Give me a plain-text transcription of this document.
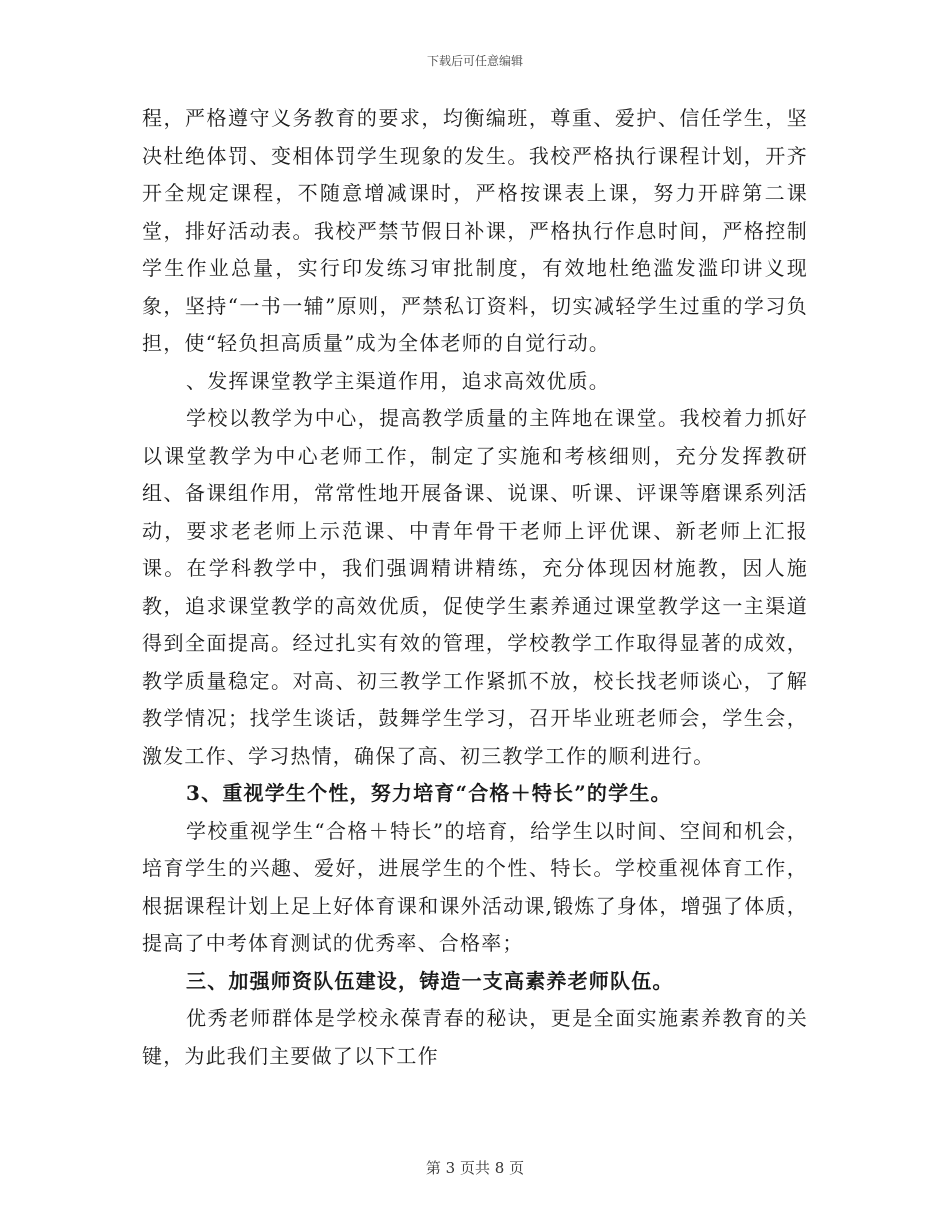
下载后可任意编辑

程，严格遵守义务教育的要求，均衡编班，尊重、爱护、信任学生，坚决杜绝体罚、变相体罚学生现象的发生。我校严格执行课程计划，开齐开全规定课程，不随意增减课时，严格按课表上课，努力开辟第二课堂，排好活动表。我校严禁节假日补课，严格执行作息时间，严格控制学生作业总量，实行印发练习审批制度，有效地杜绝滥发滥印讲义现象，坚持“一书一辅”原则，严禁私订资料，切实减轻学生过重的学习负担，使“轻负担高质量”成为全体老师的自觉行动。

、发挥课堂教学主渠道作用，追求高效优质。

学校以教学为中心，提高教学质量的主阵地在课堂。我校着力抓好以课堂教学为中心老师工作，制定了实施和考核细则，充分发挥教研组、备课组作用，常常性地开展备课、说课、听课、评课等磨课系列活动，要求老老师上示范课、中青年骨干老师上评优课、新老师上汇报课。在学科教学中，我们强调精讲精练，充分体现因材施教，因人施教，追求课堂教学的高效优质，促使学生素养通过课堂教学这一主渠道得到全面提高。经过扎实有效的管理，学校教学工作取得显著的成效，教学质量稳定。对高、初三教学工作紧抓不放，校长找老师谈心，了解教学情况；找学生谈话，鼓舞学生学习，召开毕业班老师会，学生会，激发工作、学习热情，确保了高、初三教学工作的顺利进行。

3、重视学生个性，努力培育“合格＋特长”的学生。

学校重视学生“合格＋特长”的培育，给学生以时间、空间和机会，培育学生的兴趣、爱好，进展学生的个性、特长。学校重视体育工作，根据课程计划上足上好体育课和课外活动课,锻炼了身体，增强了体质，提高了中考体育测试的优秀率、合格率；

三、加强师资队伍建设，铸造一支高素养老师队伍。

优秀老师群体是学校永葆青春的秘诀，更是全面实施素养教育的关键，为此我们主要做了以下工作

第 3 页共 8 页
